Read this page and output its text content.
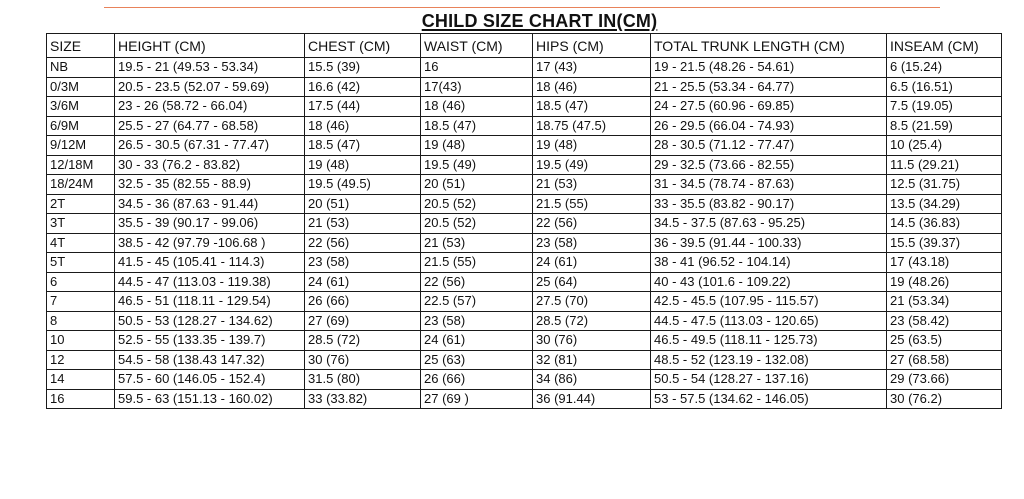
CHILD SIZE CHART IN(CM)
SIZE	HEIGHT (CM)	CHEST (CM)	WAIST (CM)	HIPS (CM)	TOTAL TRUNK LENGTH (CM)	INSEAM (CM)
NB	19.5 - 21 (49.53 - 53.34)	15.5 (39)	16	17 (43)	19 - 21.5 (48.26 - 54.61)	6 (15.24)
0/3M	20.5 - 23.5 (52.07 - 59.69)	16.6 (42)	17(43)	18 (46)	21 - 25.5 (53.34 - 64.77)	6.5 (16.51)
3/6M	23 - 26 (58.72 - 66.04)	17.5 (44)	18 (46)	18.5 (47)	24 - 27.5 (60.96 - 69.85)	7.5 (19.05)
6/9M	25.5 - 27 (64.77 - 68.58)	18 (46)	18.5 (47)	18.75 (47.5)	26 - 29.5 (66.04 - 74.93)	8.5 (21.59)
9/12M	26.5 - 30.5 (67.31 - 77.47)	18.5 (47)	19 (48)	19 (48)	28 - 30.5 (71.12 - 77.47)	10 (25.4)
12/18M	30 - 33 (76.2 - 83.82)	19 (48)	19.5 (49)	19.5 (49)	29 - 32.5 (73.66 - 82.55)	11.5 (29.21)
18/24M	32.5 - 35 (82.55 - 88.9)	19.5 (49.5)	20 (51)	21 (53)	31 - 34.5 (78.74 - 87.63)	12.5 (31.75)
2T	34.5 - 36 (87.63 - 91.44)	20 (51)	20.5 (52)	21.5 (55)	33 - 35.5 (83.82 - 90.17)	13.5 (34.29)
3T	35.5 - 39 (90.17 - 99.06)	21 (53)	20.5 (52)	22 (56)	34.5 - 37.5 (87.63 - 95.25)	14.5 (36.83)
4T	38.5 - 42 (97.79 -106.68 )	22 (56)	21 (53)	23 (58)	36 - 39.5 (91.44 - 100.33)	15.5 (39.37)
5T	41.5 - 45 (105.41 - 114.3)	23 (58)	21.5 (55)	24 (61)	38 - 41 (96.52 - 104.14)	17 (43.18)
6	44.5 - 47 (113.03 - 119.38)	24 (61)	22 (56)	25 (64)	40 - 43 (101.6 - 109.22)	19 (48.26)
7	46.5 - 51 (118.11 - 129.54)	26 (66)	22.5 (57)	27.5 (70)	42.5 - 45.5 (107.95 - 115.57)	21 (53.34)
8	50.5 - 53 (128.27 - 134.62)	27 (69)	23 (58)	28.5 (72)	44.5 - 47.5 (113.03 - 120.65)	23 (58.42)
10	52.5 - 55 (133.35 - 139.7)	28.5 (72)	24 (61)	30 (76)	46.5 - 49.5 (118.11 - 125.73)	25 (63.5)
12	54.5 - 58 (138.43 147.32)	30 (76)	25 (63)	32 (81)	48.5 - 52 (123.19 - 132.08)	27 (68.58)
14	57.5 - 60 (146.05 - 152.4)	31.5 (80)	26 (66)	34 (86)	50.5 - 54 (128.27 - 137.16)	29 (73.66)
16	59.5 - 63 (151.13 - 160.02)	33 (33.82)	27 (69 )	36 (91.44)	53 - 57.5 (134.62 - 146.05)	30 (76.2)
